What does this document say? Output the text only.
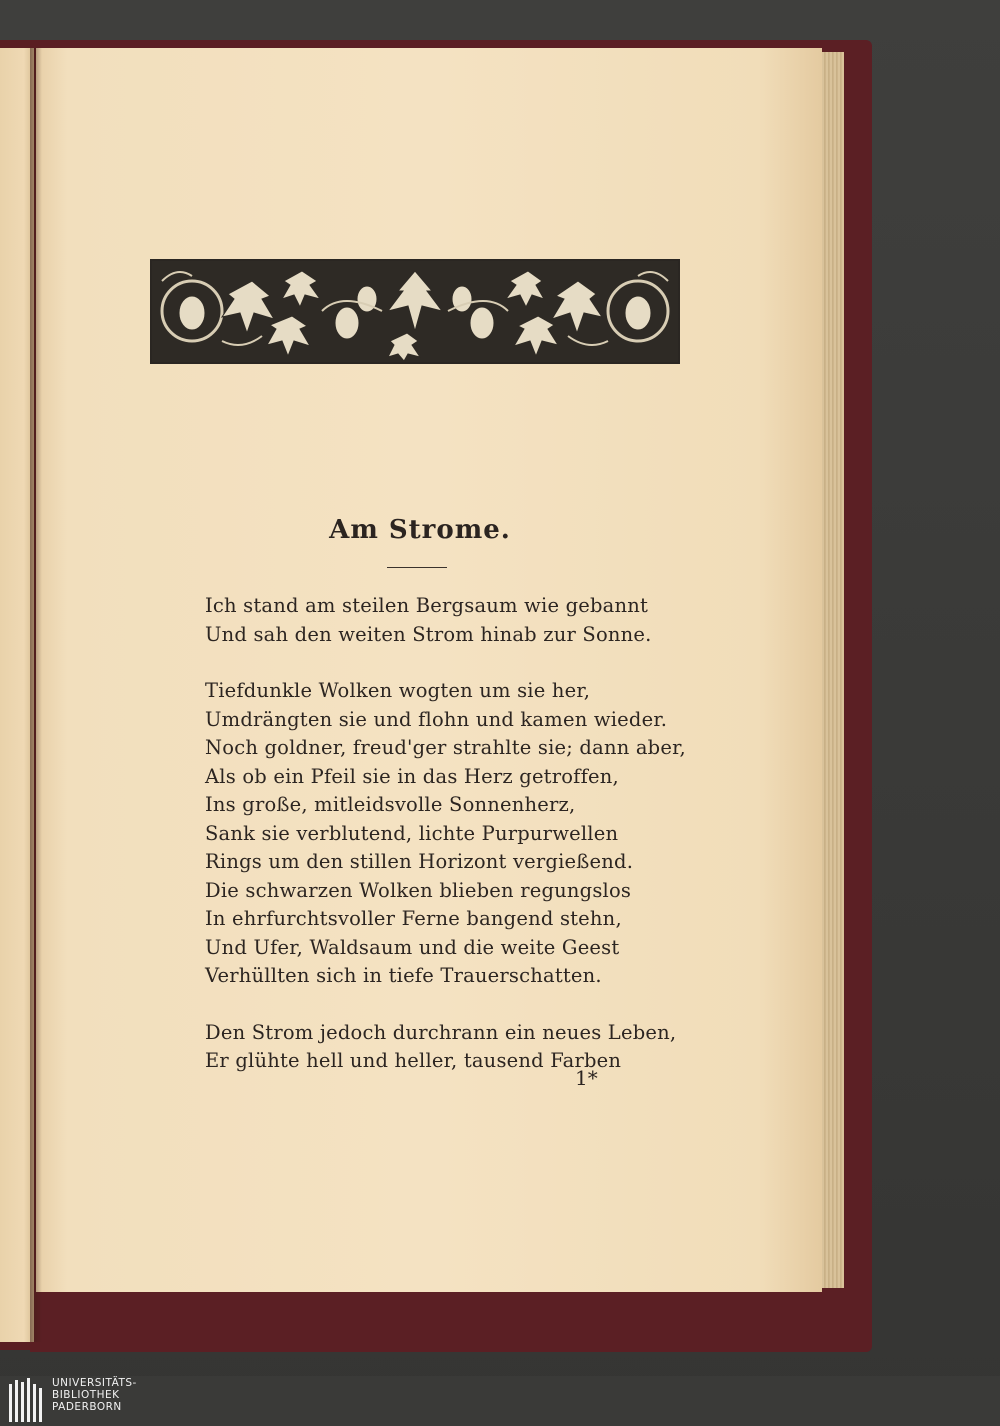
Am Strome.
Ich stand am steilen Bergsaum wie gebannt
Und sah den weiten Strom hinab zur Sonne.
Tiefdunkle Wolken wogten um sie her,
Umdrängten sie und flohn und kamen wieder.
Noch goldner, freud'ger strahlte sie; dann aber,
Als ob ein Pfeil sie in das Herz getroffen,
Ins große, mitleidsvolle Sonnenherz,
Sank sie verblutend, lichte Purpurwellen
Rings um den stillen Horizont vergießend.
Die schwarzen Wolken blieben regungslos
In ehrfurchtsvoller Ferne bangend stehn,
Und Ufer, Waldsaum und die weite Geest
Verhüllten sich in tiefe Trauerschatten.
Den Strom jedoch durchrann ein neues Leben,
Er glühte hell und heller, tausend Farben
1*
UNIVERSITÄTS-
BIBLIOTHEK
PADERBORN
